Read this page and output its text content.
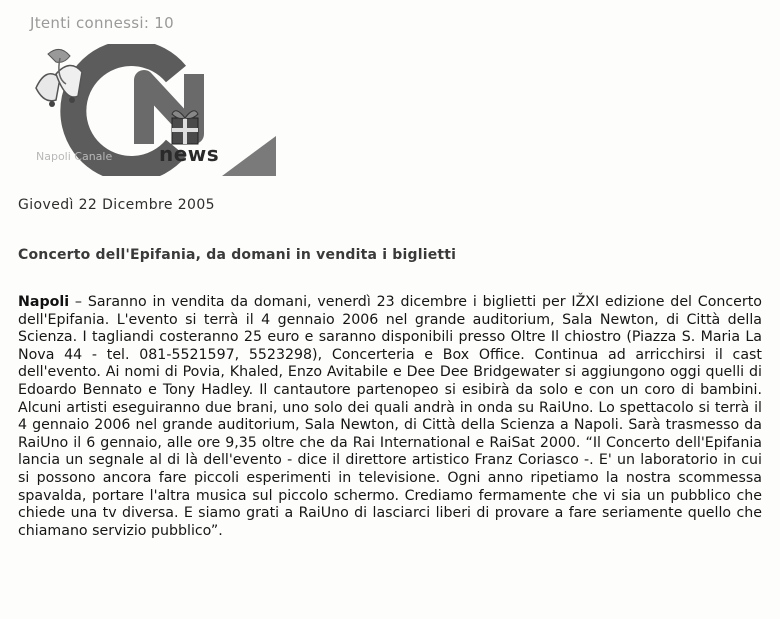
Jtenti connessi: 10
Napoli Canale news
Giovedì 22 Dicembre 2005
Concerto dell'Epifania, da domani in vendita i biglietti
Napoli – Saranno in vendita da domani, venerdì 23 dicembre i biglietti per IŽXI edizione del Concerto dell'Epifania. L'evento si terrà il 4 gennaio 2006 nel grande auditorium, Sala Newton, di Città della Scienza. I tagliandi costeranno 25 euro e saranno disponibili presso Oltre Il chiostro (Piazza S. Maria La Nova 44 - tel. 081-5521597, 5523298), Concerteria e Box Office. Continua ad arricchirsi il cast dell'evento. Ai nomi di Povia, Khaled, Enzo Avitabile e Dee Dee Bridgewater si aggiungono oggi quelli di Edoardo Bennato e Tony Hadley. Il cantautore partenopeo si esibirà da solo e con un coro di bambini. Alcuni artisti eseguiranno due brani, uno solo dei quali andrà in onda su RaiUno. Lo spettacolo si terrà il 4 gennaio 2006 nel grande auditorium, Sala Newton, di Città della Scienza a Napoli. Sarà trasmesso da RaiUno il 6 gennaio, alle ore 9,35 oltre che da Rai International e RaiSat 2000. “Il Concerto dell'Epifania lancia un segnale al di là dell'evento - dice il direttore artistico Franz Coriasco -. E' un laboratorio in cui si possono ancora fare piccoli esperimenti in televisione. Ogni anno ripetiamo la nostra scommessa spavalda, portare l'altra musica sul piccolo schermo. Crediamo fermamente che vi sia un pubblico che chiede una tv diversa. E siamo grati a RaiUno di lasciarci liberi di provare a fare seriamente quello che chiamano servizio pubblico”.
